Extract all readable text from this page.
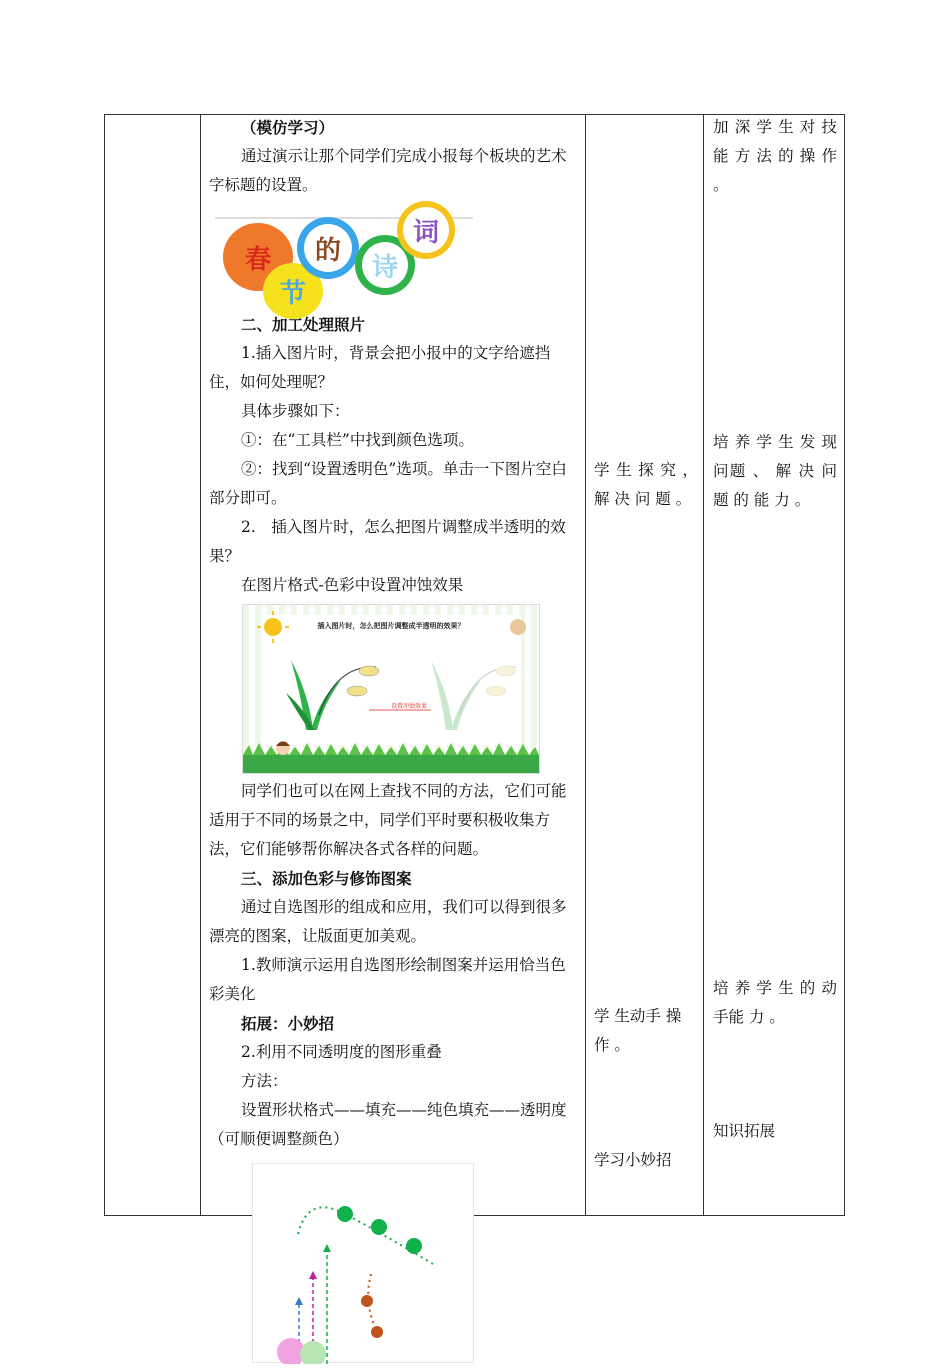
（模仿学习）

通过演示让那个同学们完成小报每个板块的艺术字标题的设置。

春
节
的
诗
词

二、加工处理照片

1.插入图片时，背景会把小报中的文字给遮挡住，如何处理呢？

具体步骤如下：

①：在“工具栏”中找到颜色选项。

②：找到“设置透明色”选项。单击一下图片空白部分即可。

2.　插入图片时，怎么把图片调整成半透明的效果？

在图片格式-色彩中设置冲蚀效果

插入图片时，怎么把图片调整成半透明的效果？
设置冲蚀效果

同学们也可以在网上查找不同的方法，它们可能适用于不同的场景之中，同学们平时要积极收集方法，它们能够帮你解决各式各样的问题。

三、添加色彩与修饰图案

通过自选图形的组成和应用，我们可以得到很多漂亮的图案，让版面更加美观。

1.教师演示运用自选图形绘制图案并运用恰当色彩美化

拓展：小妙招

2.利用不同透明度的图形重叠

方法：

设置形状格式——填充——纯色填充——透明度（可顺便调整颜色）

学 生 探 究 ， 解 决 问 题 。

学 生动手 操 作 。

学习小妙招

加 深 学 生 对 技能 方 法 的 操 作 。

培 养 学 生 发 现 问题 、 解 决 问 题 的 能 力 。

培 养 学 生 的 动 手能 力 。

知识拓展
